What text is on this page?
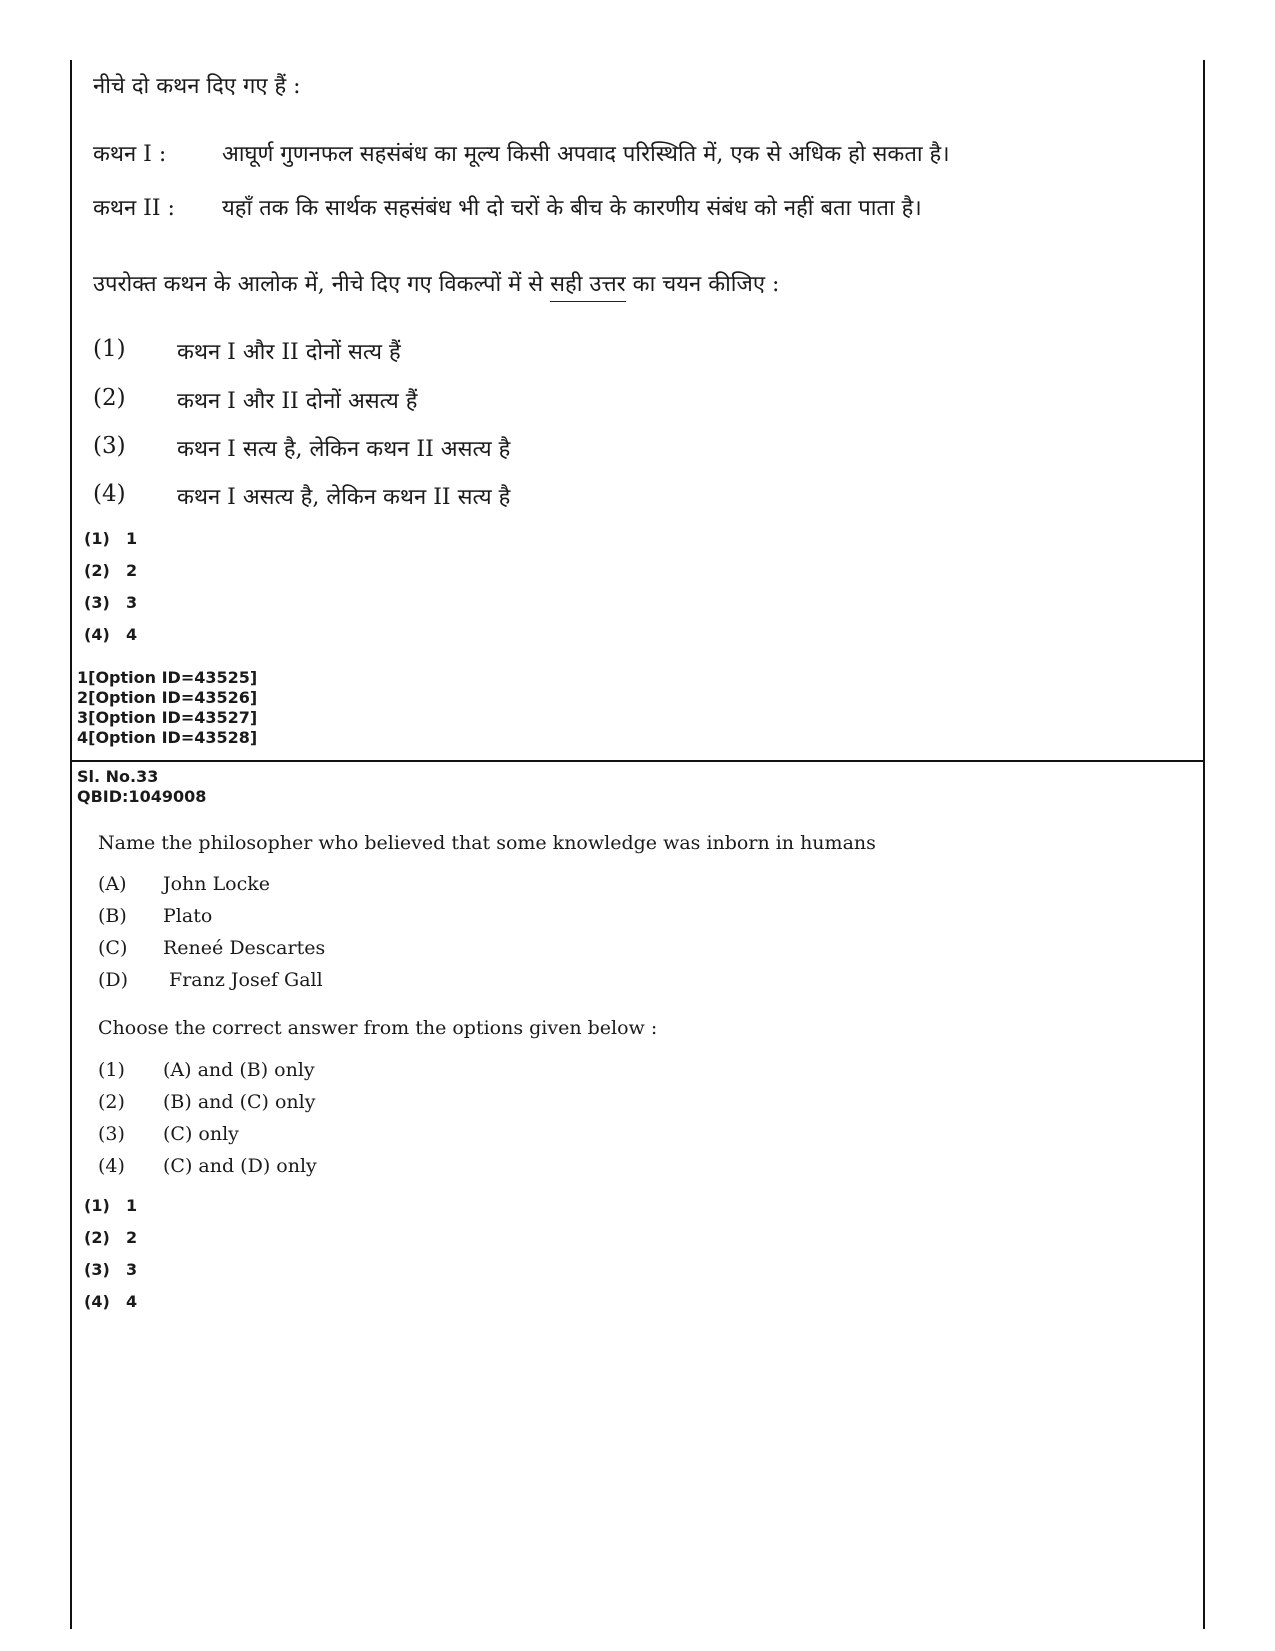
नीचे दो कथन दिए गए हैं :
कथन I :	आघूर्ण गुणनफल सहसंबंध का मूल्य किसी अपवाद परिस्थिति में, एक से अधिक हो सकता है।
कथन II : यहाँ तक कि सार्थक सहसंबंध भी दो चरों के बीच के कारणीय संबंध को नहीं बता पाता है।
उपरोक्त कथन के आलोक में, नीचे दिए गए विकल्पों में से सही उत्तर का चयन कीजिए :
(1) कथन I और II दोनों सत्य हैं
(2) कथन I और II दोनों असत्य हैं
(3) कथन I सत्य है, लेकिन कथन II असत्य है
(4) कथन I असत्य है, लेकिन कथन II सत्य है
(1) 1
(2) 2
(3) 3
(4) 4
1[Option ID=43525]
2[Option ID=43526]
3[Option ID=43527]
4[Option ID=43528]
Sl. No.33
QBID:1049008
Name the philosopher who believed that some knowledge was inborn in humans
(A) John Locke
(B) Plato
(C) Reneé Descartes
(D) Franz Josef Gall
Choose the correct answer from the options given below :
(1) (A) and (B) only
(2) (B) and (C) only
(3) (C) only
(4) (C) and (D) only
(1) 1
(2) 2
(3) 3
(4) 4
